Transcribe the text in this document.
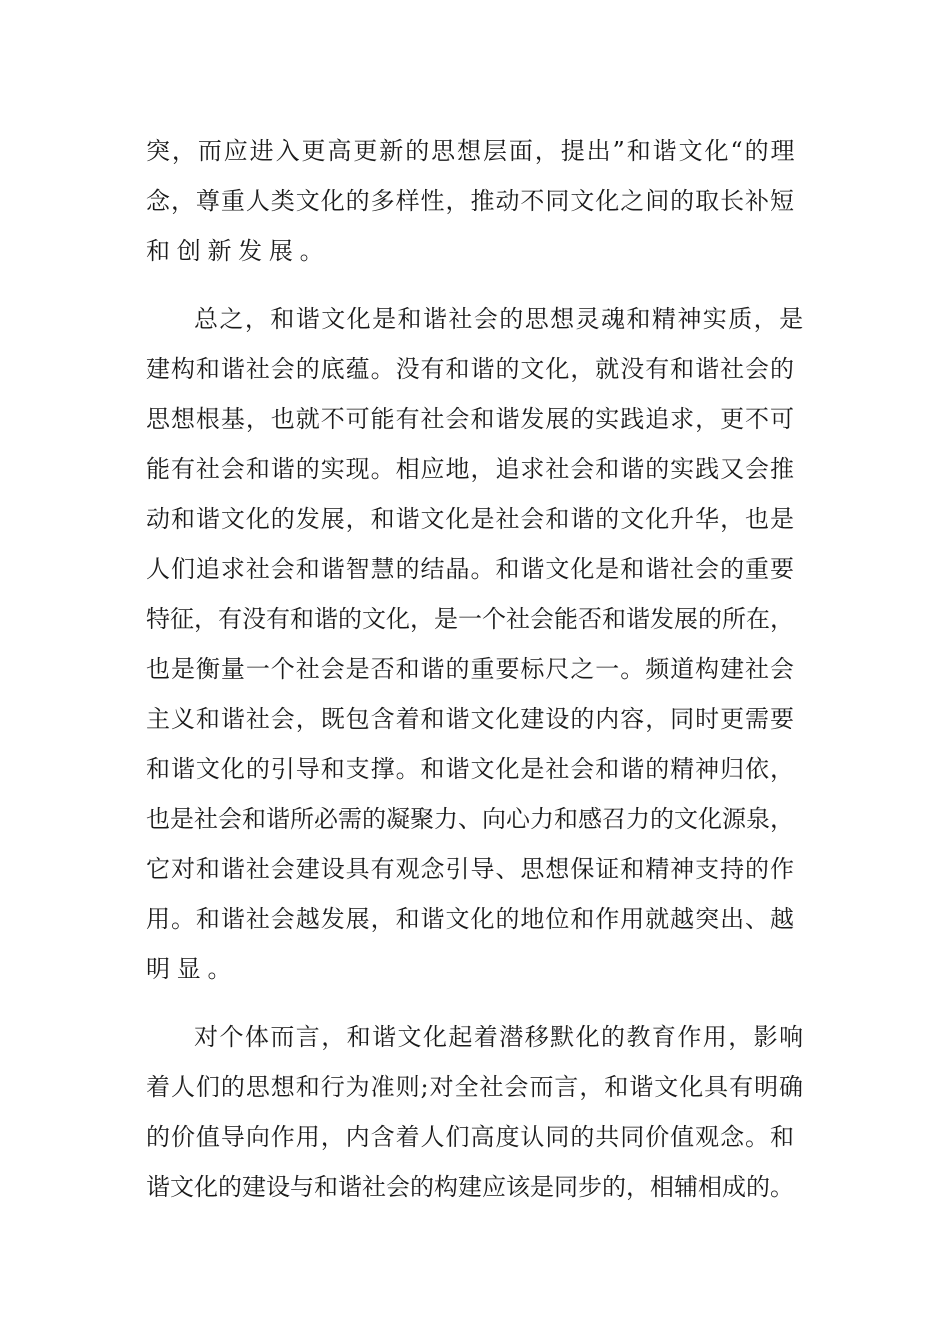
突，而应进入更高更新的思想层面，提出”和谐文化“的理
念，尊重人类文化的多样性，推动不同文化之间的取长补短
和创新发展。
总之，和谐文化是和谐社会的思想灵魂和精神实质，是
建构和谐社会的底蕴。没有和谐的文化，就没有和谐社会的
思想根基，也就不可能有社会和谐发展的实践追求，更不可
能有社会和谐的实现。相应地，追求社会和谐的实践又会推
动和谐文化的发展，和谐文化是社会和谐的文化升华，也是
人们追求社会和谐智慧的结晶。和谐文化是和谐社会的重要
特征，有没有和谐的文化，是一个社会能否和谐发展的所在，
也是衡量一个社会是否和谐的重要标尺之一。频道构建社会
主义和谐社会，既包含着和谐文化建设的内容，同时更需要
和谐文化的引导和支撑。和谐文化是社会和谐的精神归依，
也是社会和谐所必需的凝聚力、向心力和感召力的文化源泉，
它对和谐社会建设具有观念引导、思想保证和精神支持的作
用。和谐社会越发展，和谐文化的地位和作用就越突出、越
明显。
对个体而言，和谐文化起着潜移默化的教育作用，影响
着人们的思想和行为准则;对全社会而言，和谐文化具有明确
的价值导向作用，内含着人们高度认同的共同价值观念。和
谐文化的建设与和谐社会的构建应该是同步的，相辅相成的。
